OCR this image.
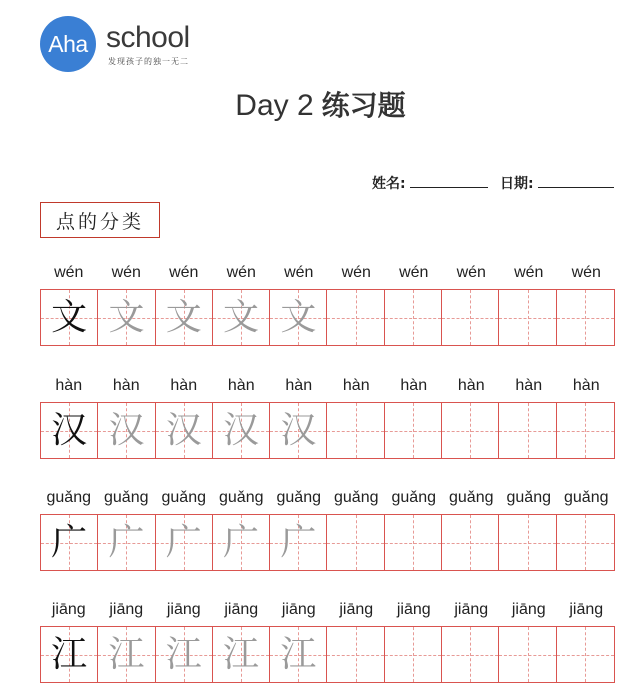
Aha school
发现孩子的独一无二
Day 2 练习题
姓名:	日期:
点的分类
wén	wén	wén	wén	wén	wén	wén	wén	wén	wén
文 文 文 文 文
hàn	hàn	hàn	hàn	hàn	hàn	hàn	hàn	hàn	hàn
汉 汉 汉 汉 汉
guǎng guǎng guǎng guǎng guǎng guǎng guǎng guǎng guǎng guǎng
广 广 广 广 广
jiāng	jiāng	jiāng	jiāng	jiāng	jiāng	jiāng	jiāng	jiāng	jiāng
江 江 江 江 江
